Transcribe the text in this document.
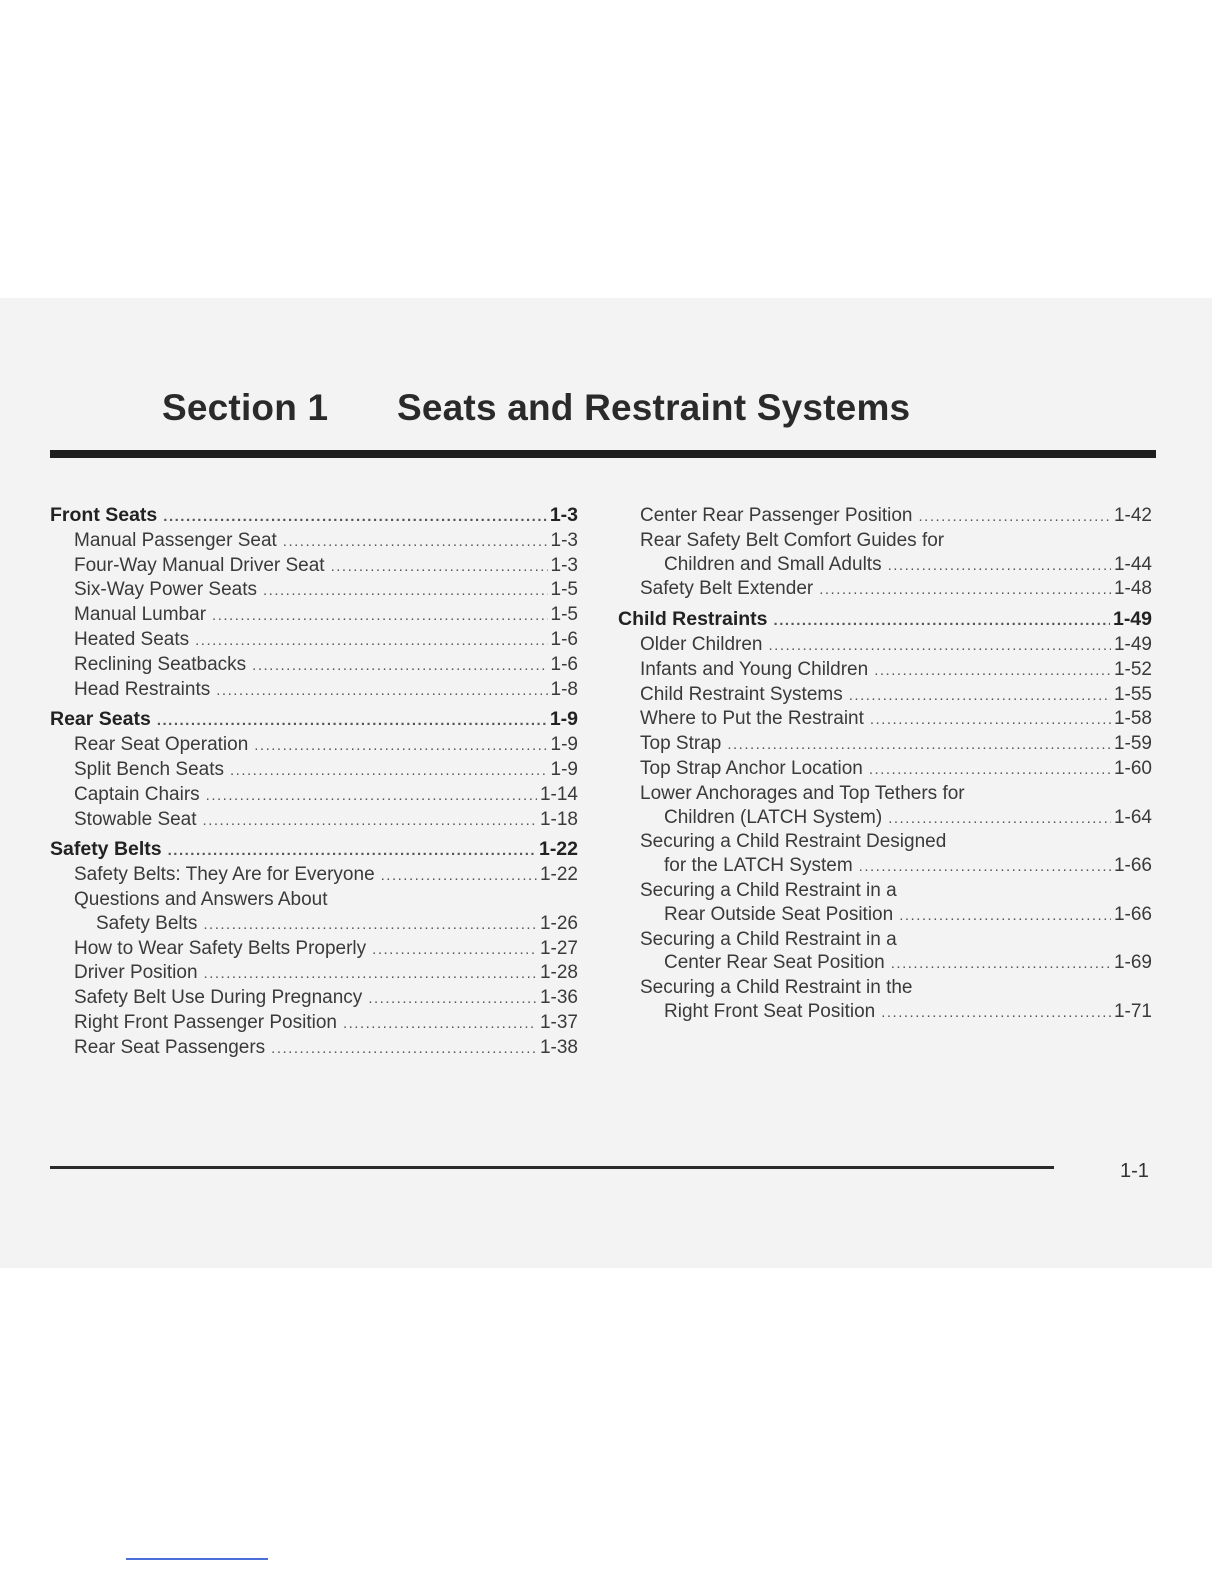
Section 1 Seats and Restraint Systems
Front Seats .....	1-3
Manual Passenger Seat .....	1-3
Four-Way Manual Driver Seat .....	1-3
Six-Way Power Seats .....	1-5
Manual Lumbar .....	1-5
Heated Seats .....	1-6
Reclining Seatbacks .....	1-6
Head Restraints .....	1-8
Rear Seats .....	1-9
Rear Seat Operation .....	1-9
Split Bench Seats .....	1-9
Captain Chairs .....	1-14
Stowable Seat .....	1-18
Safety Belts .....	1-22
Safety Belts: They Are for Everyone .....	1-22
Questions and Answers About
Safety Belts .....	1-26
How to Wear Safety Belts Properly .....	1-27
Driver Position .....	1-28
Safety Belt Use During Pregnancy .....	1-36
Right Front Passenger Position .....	1-37
Rear Seat Passengers .....	1-38
Center Rear Passenger Position .....	1-42
Rear Safety Belt Comfort Guides for
Children and Small Adults .....	1-44
Safety Belt Extender .....	1-48
Child Restraints .....	1-49
Older Children .....	1-49
Infants and Young Children .....	1-52
Child Restraint Systems .....	1-55
Where to Put the Restraint .....	1-58
Top Strap .....	1-59
Top Strap Anchor Location .....	1-60
Lower Anchorages and Top Tethers for
Children (LATCH System) .....	1-64
Securing a Child Restraint Designed
for the LATCH System .....	1-66
Securing a Child Restraint in a
Rear Outside Seat Position .....	1-66
Securing a Child Restraint in a
Center Rear Seat Position .....	1-69
Securing a Child Restraint in the
Right Front Seat Position .....	1-71
1-1
